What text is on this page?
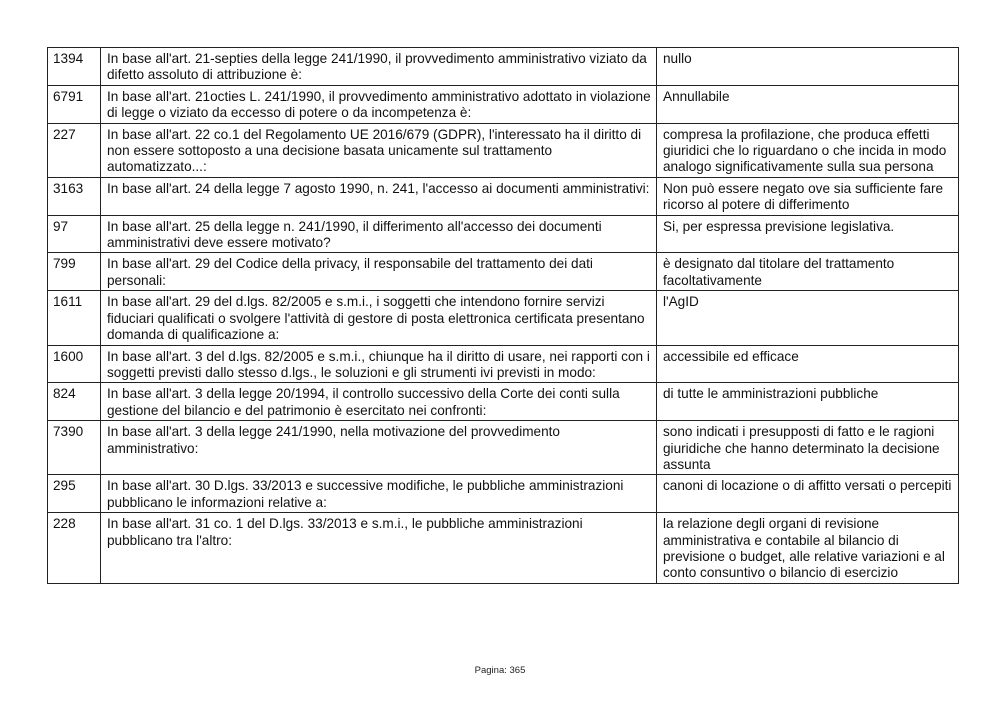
1394	In base all'art. 21-septies della legge 241/1990, il provvedimento amministrativo viziato da difetto assoluto di attribuzione è:	nullo
6791	In base all'art. 21octies L. 241/1990, il provvedimento amministrativo adottato in violazione di legge o viziato da eccesso di potere o da incompetenza è:	Annullabile
227	In base all'art. 22 co.1 del Regolamento UE 2016/679 (GDPR), l'interessato ha il diritto di non essere sottoposto a una decisione basata unicamente sul trattamento automatizzato...:	compresa la profilazione, che produca effetti giuridici che lo riguardano o che incida in modo analogo significativamente sulla sua persona
3163	In base all'art. 24 della legge 7 agosto 1990, n. 241, l'accesso ai documenti amministrativi:	Non può essere negato ove sia sufficiente fare ricorso al potere di differimento
97	In base all'art. 25 della legge n. 241/1990, il differimento all'accesso dei documenti amministrativi deve essere motivato?	Si, per espressa previsione legislativa.
799	In base all'art. 29 del Codice della privacy, il responsabile del trattamento dei dati personali:	è designato dal titolare del trattamento facoltativamente
1611	In base all'art. 29 del d.lgs. 82/2005 e s.m.i., i soggetti che intendono fornire servizi fiduciari qualificati o svolgere l'attività di gestore di posta elettronica certificata presentano domanda di qualificazione a:	l'AgID
1600	In base all'art. 3 del d.lgs. 82/2005 e s.m.i., chiunque ha il diritto di usare, nei rapporti con i soggetti previsti dallo stesso d.lgs., le soluzioni e gli strumenti ivi previsti in modo:	accessibile ed efficace
824	In base all'art. 3 della legge 20/1994, il controllo successivo della Corte dei conti sulla gestione del bilancio e del patrimonio è esercitato nei confronti:	di tutte le amministrazioni pubbliche
7390	In base all'art. 3 della legge 241/1990, nella motivazione del provvedimento amministrativo:	sono indicati i presupposti di fatto e le ragioni giuridiche che hanno determinato la decisione assunta
295	In base all'art. 30 D.lgs. 33/2013 e successive modifiche, le pubbliche amministrazioni pubblicano le informazioni relative a:	canoni di locazione o di affitto versati o percepiti
228	In base all'art. 31 co. 1 del D.lgs. 33/2013 e s.m.i., le pubbliche amministrazioni pubblicano tra l'altro:	la relazione degli organi di revisione amministrativa e contabile al bilancio di previsione o budget, alle relative variazioni e al conto consuntivo o bilancio di esercizio
Pagina: 365
